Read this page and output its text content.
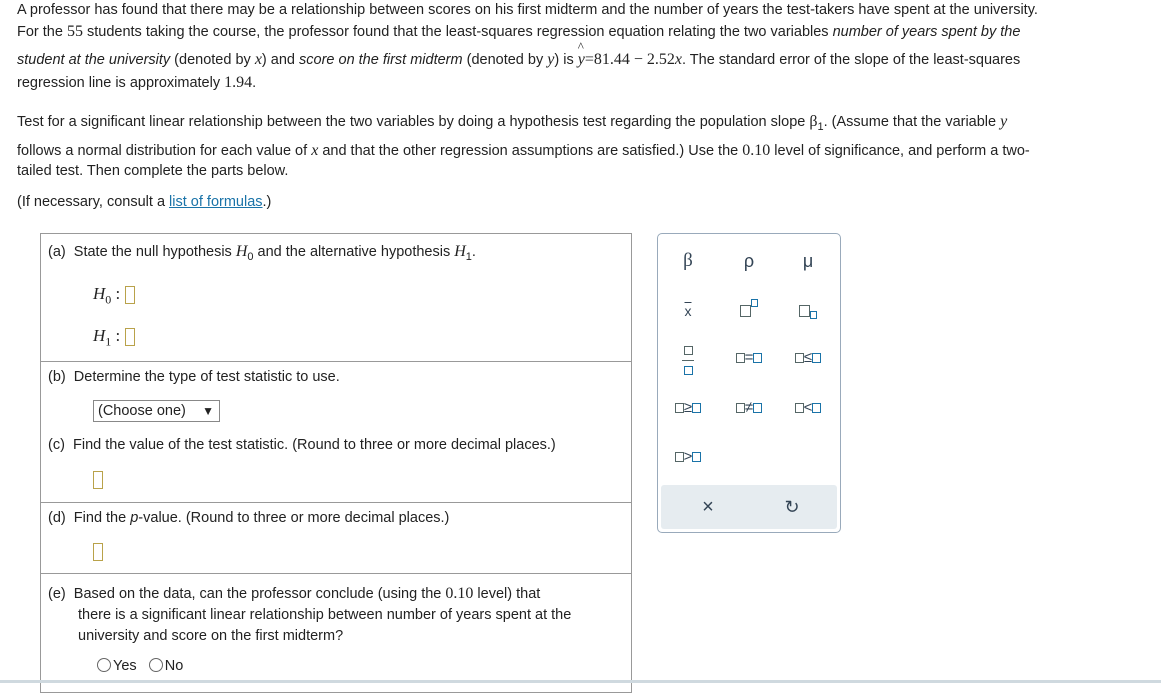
A professor has found that there may be a relationship between scores on his first midterm and the number of years the test-takers have spent at the university.

For the 55 students taking the course, the professor found that the least-squares regression equation relating the two variables number of years spent by the

student at the university (denoted by x) and score on the first midterm (denoted by y) is
^
y=81.44 − 2.52x. The standard error of the slope of the least-squares

regression line is approximately 1.94.

Test for a significant linear relationship between the two variables by doing a hypothesis test regarding the population slope $\beta_1$. (Assume that the variable y

follows a normal distribution for each value of x and that the other regression assumptions are satisfied.) Use the 0.10 level of significance, and perform a two-

tailed test. Then complete the parts below.

(If necessary, consult a list of formulas.)

(a) State the null hypothesis $H_0$ and the alternative hypothesis $H_1$.
$H_0$ :
$H_1$ :
(b) Determine the type of test statistic to use.
(Choose one) ▼
(c) Find the value of the test statistic. (Round to three or more decimal places.)
(d) Find the p-value. (Round to three or more decimal places.)
(e) Based on the data, can the professor conclude (using the 0.10 level) that
there is a significant linear relationship between number of years spent at the
university and score on the first midterm?
Yes No
β	ρ	μ
$\overline{x}$

=	≤
≥	≠	<
>
×	↻
